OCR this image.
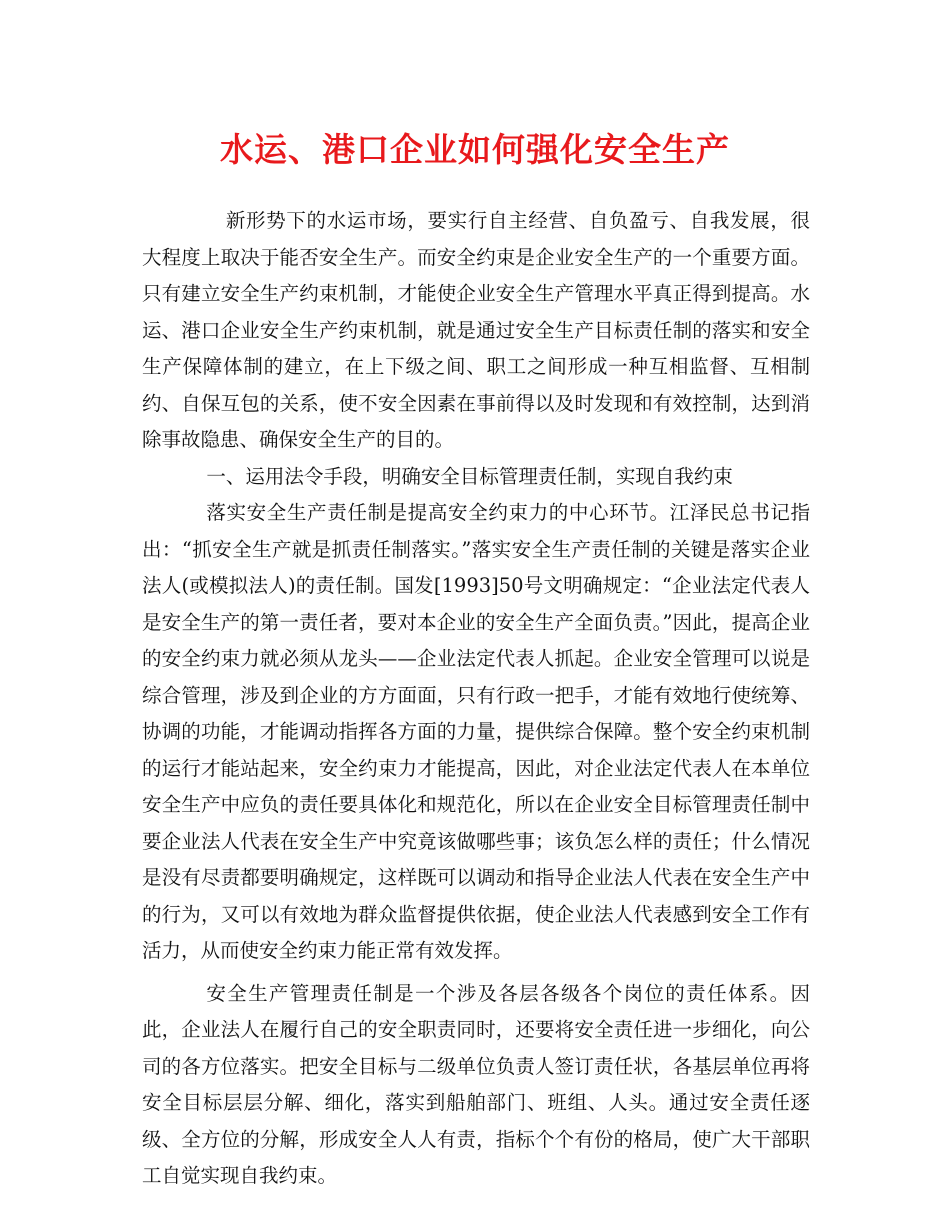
水运、港口企业如何强化安全生产

新形势下的水运市场，要实行自主经营、自负盈亏、自我发展，很大程度上取决于能否安全生产。而安全约束是企业安全生产的一个重要方面。只有建立安全生产约束机制，才能使企业安全生产管理水平真正得到提高。水运、港口企业安全生产约束机制，就是通过安全生产目标责任制的落实和安全生产保障体制的建立，在上下级之间、职工之间形成一种互相监督、互相制约、自保互包的关系，使不安全因素在事前得以及时发现和有效控制，达到消除事故隐患、确保安全生产的目的。

一、运用法令手段，明确安全目标管理责任制，实现自我约束

落实安全生产责任制是提高安全约束力的中心环节。江泽民总书记指出：“抓安全生产就是抓责任制落实。”落实安全生产责任制的关键是落实企业法人(或模拟法人)的责任制。国发[1993]50号文明确规定：“企业法定代表人是安全生产的第一责任者，要对本企业的安全生产全面负责。”因此，提高企业的安全约束力就必须从龙头——企业法定代表人抓起。企业安全管理可以说是综合管理，涉及到企业的方方面面，只有行政一把手，才能有效地行使统筹、协调的功能，才能调动指挥各方面的力量，提供综合保障。整个安全约束机制的运行才能站起来，安全约束力才能提高，因此，对企业法定代表人在本单位安全生产中应负的责任要具体化和规范化，所以在企业安全目标管理责任制中要企业法人代表在安全生产中究竟该做哪些事；该负怎么样的责任；什么情况是没有尽责都要明确规定，这样既可以调动和指导企业法人代表在安全生产中的行为，又可以有效地为群众监督提供依据，使企业法人代表感到安全工作有活力，从而使安全约束力能正常有效发挥。

安全生产管理责任制是一个涉及各层各级各个岗位的责任体系。因此，企业法人在履行自己的安全职责同时，还要将安全责任进一步细化，向公司的各方位落实。把安全目标与二级单位负责人签订责任状，各基层单位再将安全目标层层分解、细化，落实到船舶部门、班组、人头。通过安全责任逐级、全方位的分解，形成安全人人有责，指标个个有份的格局，使广大干部职工自觉实现自我约束。
